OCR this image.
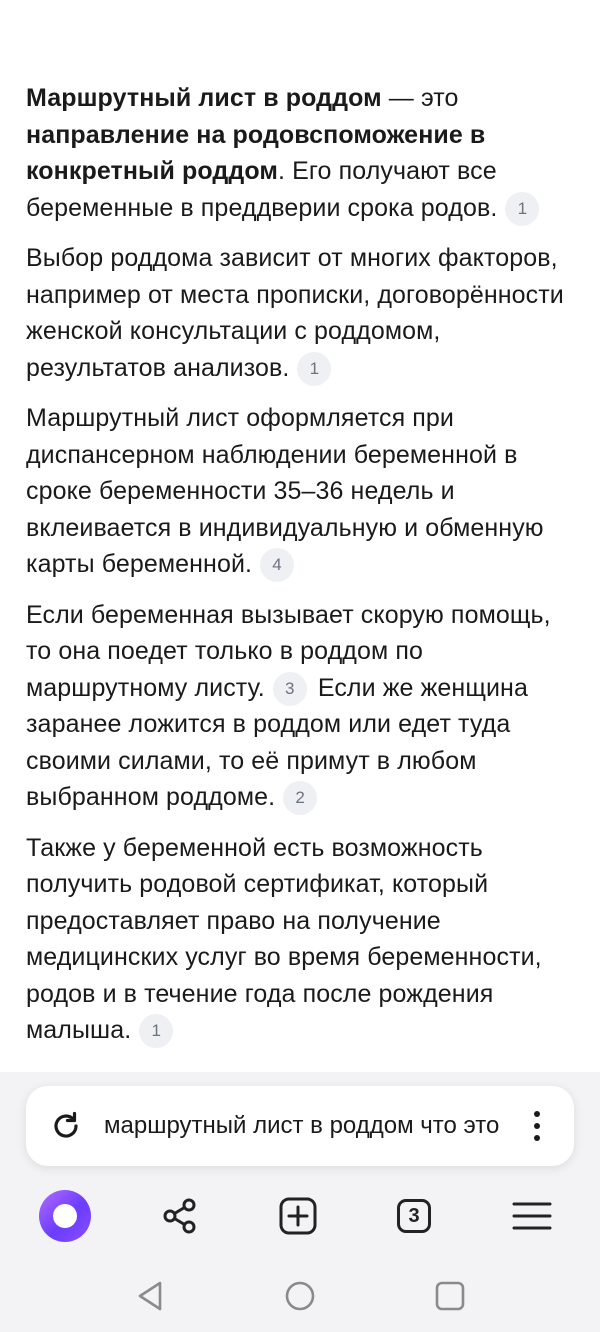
Маршрутный лист в роддом — это направление на родовспоможение в конкретный роддом. Его получают все беременные в преддверии срока родов. 1

Выбор роддома зависит от многих факторов, например от места прописки, договорённости женской консультации с роддомом, результатов анализов. 1

Маршрутный лист оформляется при диспансерном наблюдении беременной в сроке беременности 35–36 недель и вклеивается в индивидуальную и обменную карты беременной. 4

Если беременная вызывает скорую помощь, то она поедет только в роддом по маршрутному листу. 3 Если же женщина заранее ложится в роддом или едет туда своими силами, то её примут в любом выбранном роддоме. 2

Также у беременной есть возможность получить родовой сертификат, который предоставляет право на получение медицинских услуг во время беременности, родов и в течение года после рождения малыша. 1

маршрутный лист в роддом что это
3
